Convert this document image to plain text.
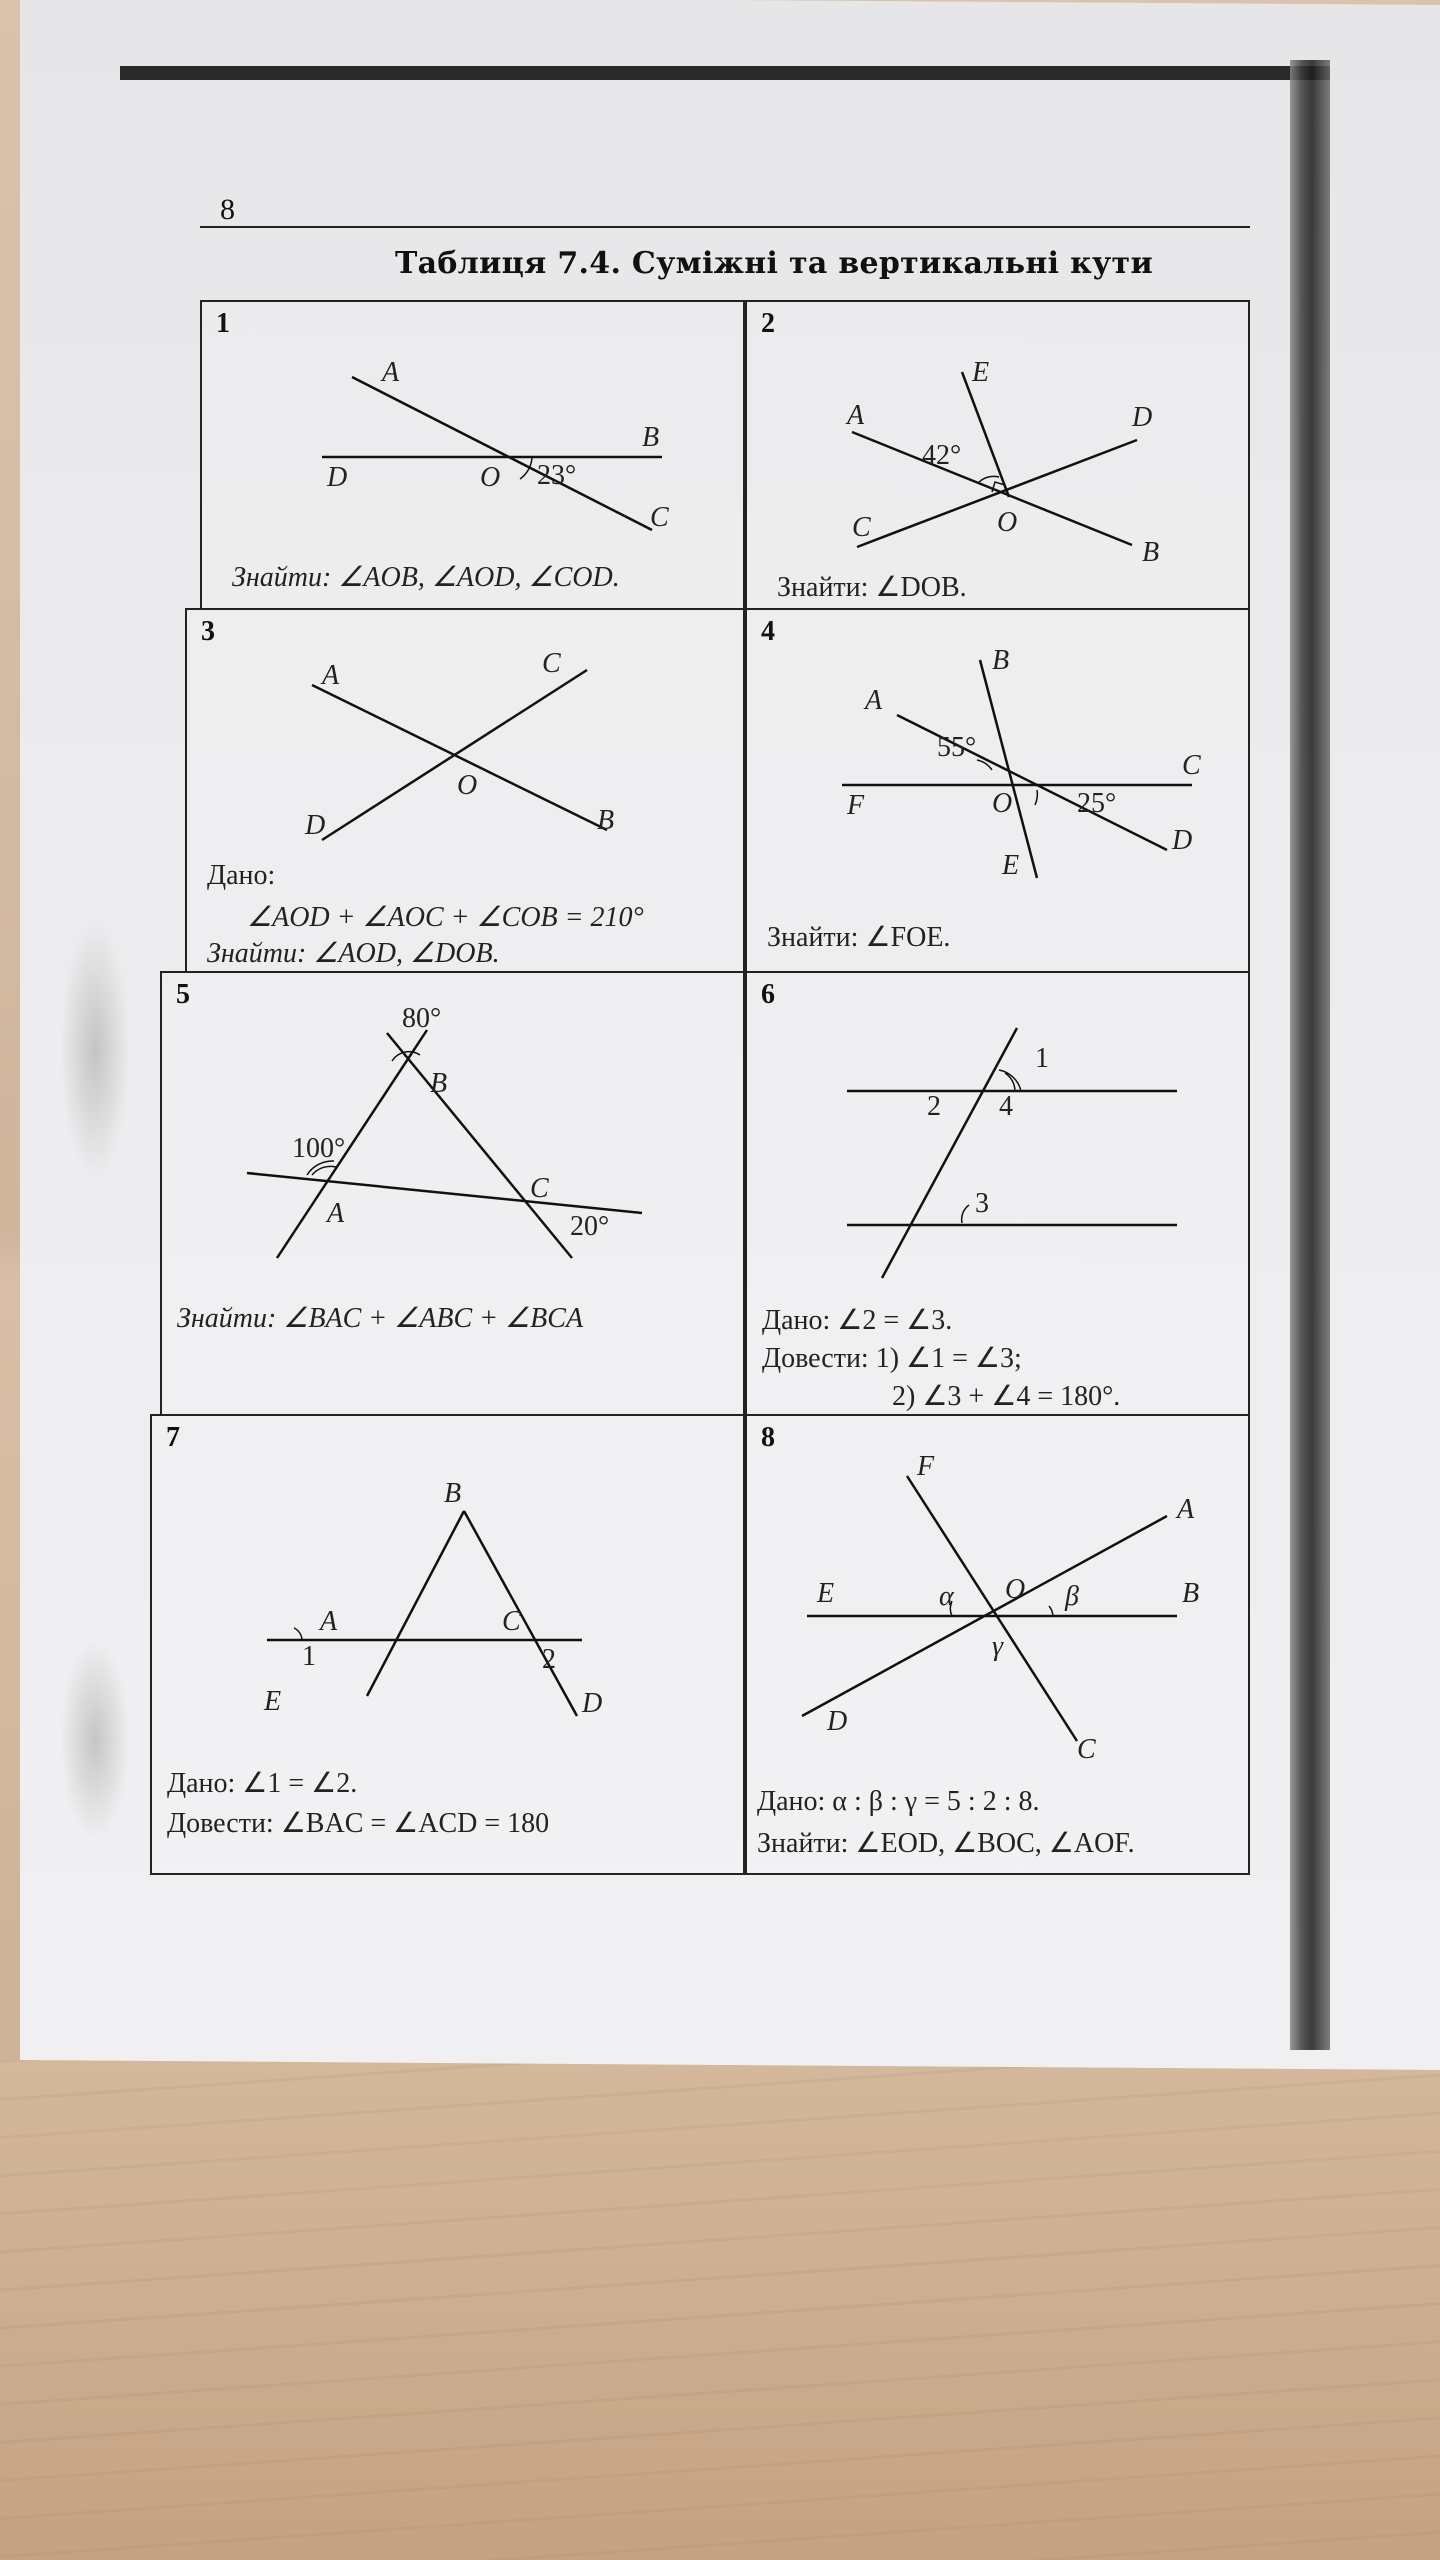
8
Таблиця 7.4. Суміжні та вертикальні кути
1
A
B
C
D	O 23°
Знайти: ∠AOB, ∠AOD, ∠COD.
2
A
B
C
D
E
O
42°
Знайти: ∠DOB.
3
A
B
C
D
O
Дано:
∠AOD + ∠AOC + ∠COB = 210°
Знайти: ∠AOD, ∠DOB.
4
A
B
C
D
E
F	O
55°
25°
Знайти: ∠FOE.
5
A
B
C
80°
100°
20°
Знайти: ∠BAC + ∠ABC + ∠BCA
6
1
2
3
4
Дано: ∠2 = ∠3.
Довести: 1) ∠1 = ∠3;
2) ∠3 + ∠4 = 180°.
7
A
B
C
D
E
1	2
Дано: ∠1 = ∠2.
Довести: ∠BAC = ∠ACD = 180
8
A
B
C
D
E
F
O
α	β
γ
Дано: α : β : γ = 5 : 2 : 8.
Знайти: ∠EOD, ∠BOC, ∠AOF.
